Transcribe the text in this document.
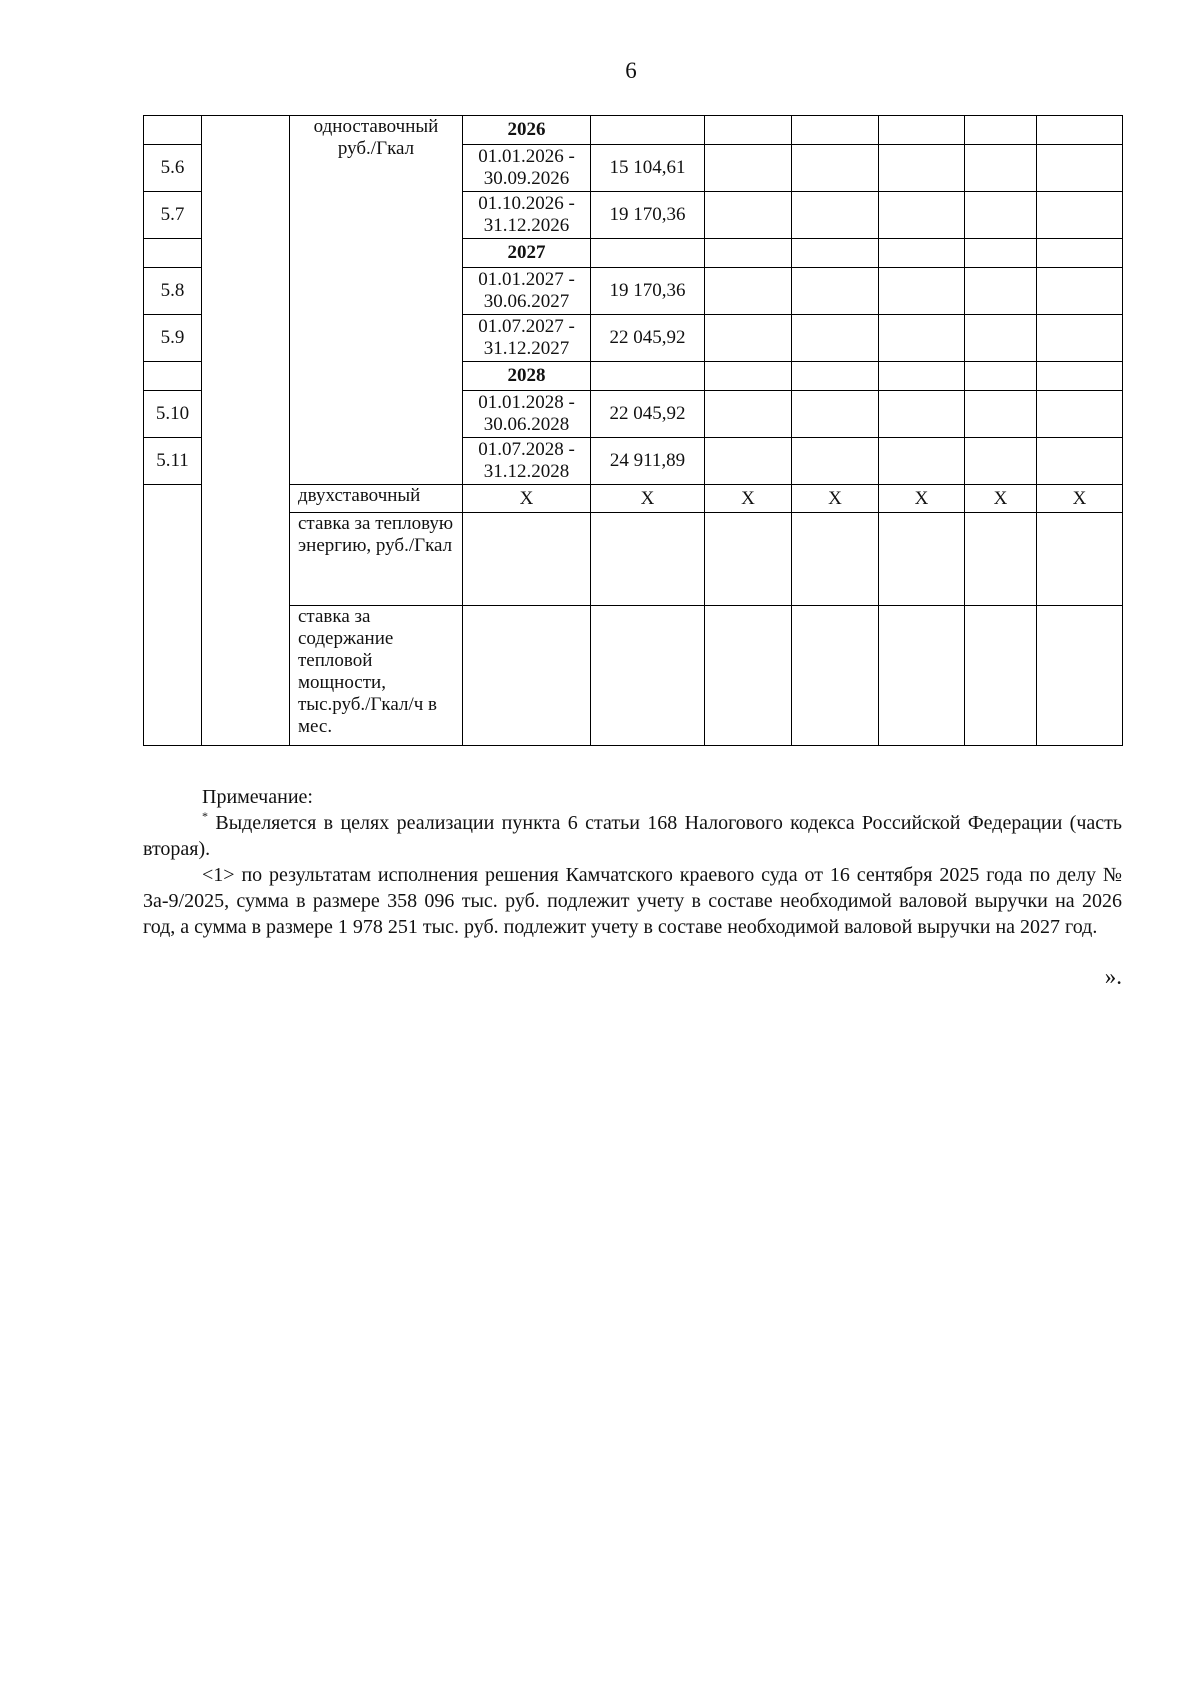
6
		одноставочный руб./Гкал	2026						
5.6			01.01.2026 - 30.09.2026	15 104,61					
5.7			01.10.2026 - 31.12.2026	19 170,36					
			2027						
5.8			01.01.2027 - 30.06.2027	19 170,36					
5.9			01.07.2027 - 31.12.2027	22 045,92					
			2028						
5.10			01.01.2028 - 30.06.2028	22 045,92					
5.11			01.07.2028 - 31.12.2028	24 911,89					
		двухставочный	X	X	X	X	X	X	X
		ставка за тепловую энергию, руб./Гкал							
		ставка за содержание тепловой мощности, тыс.руб./Гкал/ч в мес.							

Примечание:

* Выделяется в целях реализации пункта 6 статьи 168 Налогового кодекса Российской Федерации (часть вторая).

<1> по результатам исполнения решения Камчатского краевого суда от 16 сентября 2025 года по делу № 3а-9/2025, сумма в размере 358 096 тыс. руб. подлежит учету в составе необходимой валовой выручки на 2026 год, а сумма в размере 1 978 251 тыс. руб. подлежит учету в составе необходимой валовой выручки на 2027 год.

».
